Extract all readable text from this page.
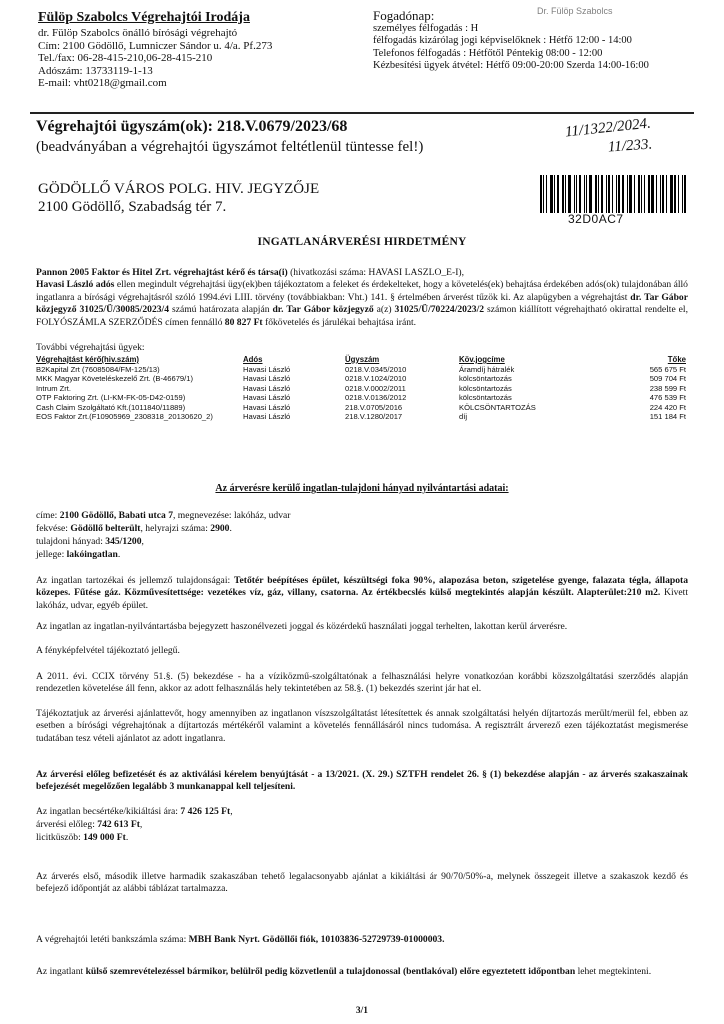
Fülöp Szabolcs Végrehajtói Irodája
dr. Fülöp Szabolcs önálló bírósági végrehajtó
Cím: 2100 Gödöllő, Lumniczer Sándor u. 4/a. Pf.273
Tel./fax: 06-28-415-210,06-28-415-210
Adószám: 13733119-1-13
E-mail: vht0218@gmail.com
Fogadónap:
személyes félfogadás : H
félfogadás kizárólag jogi képviselőknek : Hétfő 12:00 - 14:00
Telefonos félfogadás : Hétfőtől Péntekig 08:00 - 12:00
Kézbesítési ügyek átvétel: Hétfő 09:00-20:00 Szerda 14:00-16:00
Dr. Fülöp Szabolcs
Végrehajtói ügyszám(ok): 218.V.0679/2023/68
(beadványában a végrehajtói ügyszámot feltétlenül tüntesse fel!)
11/1322/2024.
11/233.
GÖDÖLLŐ VÁROS POLG. HIV. JEGYZŐJE
2100 Gödöllő, Szabadság tér 7.
32D0AC7
INGATLANÁRVERÉSI HIRDETMÉNY
Pannon 2005 Faktor és Hitel Zrt. végrehajtást kérő és társa(i) (hivatkozási száma: HAVASI LASZLO_E-I),
Havasi László adós ellen megindult végrehajtási ügy(ek)ben tájékoztatom a feleket és érdekelteket, hogy a követelés(ek) behajtása érdekében adós(ok) tulajdonában álló ingatlanra a bírósági végrehajtásról szóló 1994.évi LIII. törvény (továbbiakban: Vht.) 141. § értelmében árverést tűzök ki. Az alapügyben a végrehajtást dr. Tar Gábor közjegyző 31025/Ü/30085/2023/4 számú határozata alapján dr. Tar Gábor közjegyző a(z) 31025/Ü/70224/2023/2 számon kiállított végrehajtható okirattal rendelte el, FOLYÓSZÁMLA SZERZŐDÉS címen fennálló 80 827 Ft főkövetelés és járulékai behajtása iránt.
További végrehajtási ügyek:
Végrehajtást kérő(hiv.szám)	Adós	Ügyszám	Köv.jogcíme	Tőke
B2Kapital Zrt (76085084/FM-125/13)	Havasi László	0218.V.0345/2010	Áramdíj hátralék	565 675 Ft
MKK Magyar Követeléskezelő Zrt. (B-46679/1)	Havasi László	0218.V.1024/2010	kölcsöntartozás	509 704 Ft
Intrum Zrt.	Havasi László	0218.V.0002/2011	kölcsöntartozás	238 599 Ft
OTP Faktoring Zrt. (LI-KM-FK-05-D42-0159)	Havasi László	0218.V.0136/2012	kölcsöntartozás	476 539 Ft
Cash Claim Szolgáltató Kft.(1011840/11889)	Havasi László	218.V.0705/2016	KÖLCSÖNTARTOZÁS	224 420 Ft
EOS Faktor Zrt.(F10905969_2308318_20130620_2)	Havasi László	218.V.1280/2017	díj	151 184 Ft
Az árverésre kerülő ingatlan-tulajdoni hányad nyilvántartási adatai:
címe: 2100 Gödöllő, Babati utca 7, megnevezése: lakóház, udvar
fekvése: Gödöllő belterült, helyrajzi száma: 2900.
tulajdoni hányad: 345/1200,
jellege: lakóingatlan.
Az ingatlan tartozékai és jellemző tulajdonságai: Tetőtér beépítéses épület, készültségi foka 90%, alapozása beton, szigetelése gyenge, falazata tégla, állapota közepes. Fűtése gáz. Közművesítettsége: vezetékes víz, gáz, villany, csatorna. Az értékbecslés külső megtekintés alapján készült. Alapterület:210 m2. Kivett lakóház, udvar, egyéb épület.
Az ingatlan az ingatlan-nyilvántartásba bejegyzett haszonélvezeti joggal és közérdekű használati joggal terhelten, lakottan kerül árverésre.
A fényképfelvétel tájékoztató jellegű.
A 2011. évi. CCIX törvény 51.§. (5) bekezdése - ha a víziközmű-szolgáltatónak a felhasználási helyre vonatkozóan korábbi közszolgáltatási szerződés alapján rendezetlen követelése áll fenn, akkor az adott felhasználás hely tekintetében az 58.§. (1) bekezdés szerint jár hat el.
Tájékoztatjuk az árverési ajánlattevőt, hogy amennyiben az ingatlanon víszszolgáltatást létesítettek és annak szolgáltatási helyén díjtartozás merült/merül fel, ebben az esetben a bírósági végrehajtónak a díjtartozás mértékéről valamint a követelés fennállásáról nincs tudomása. A regisztrált árverező ezen tájékoztatást megismerése tudatában tesz vételi ajánlatot az adott ingatlanra.
Az árverési előleg befizetését és az aktiválási kérelem benyújtását - a 13/2021. (X. 29.) SZTFH rendelet 26. § (1) bekezdése alapján - az árverés szakaszainak befejezését megelőzően legalább 3 munkanappal kell teljesíteni.
Az ingatlan becsértéke/kikiáltási ára: 7 426 125 Ft,
árverési előleg: 742 613 Ft,
licitküszöb: 149 000 Ft.
Az árverés első, második illetve harmadik szakaszában tehető legalacsonyabb ajánlat a kikiáltási ár 90/70/50%-a, melynek összegeit illetve a szakaszok kezdő és befejező időpontját az alábbi táblázat tartalmazza.
A végrehajtói letéti bankszámla száma: MBH Bank Nyrt. Gödöllői fiók, 10103836-52729739-01000003.
Az ingatlant külső szemrevételezéssel bármikor, belülről pedig közvetlenül a tulajdonossal (bentlakóval) előre egyeztetett időpontban lehet megtekinteni.
3/1
